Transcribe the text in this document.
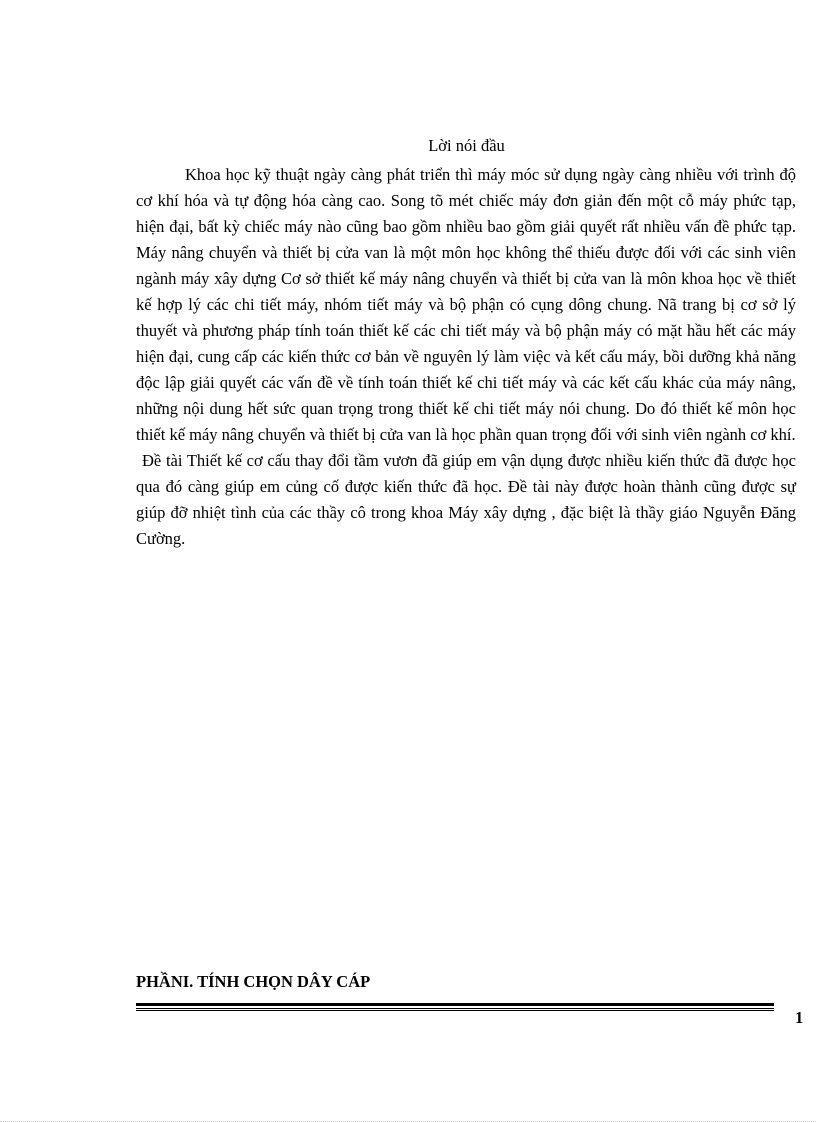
Lời nói đầu

Khoa học kỹ thuật ngày càng phát triển thì máy móc sử dụng ngày càng nhiều với trình độ cơ khí hóa và tự động hóa càng cao. Song tõ mét chiếc máy đơn giản đến một cỗ máy phức tạp, hiện đại, bất kỳ chiếc máy nào cũng bao gồm nhiều bao gồm giải quyết rất nhiều vấn đề phức tạp. Máy nâng chuyển và thiết bị cửa van là một môn học không thể thiếu được đối với các sinh viên ngành máy xây dựng Cơ sở thiết kế máy nâng chuyển và thiết bị cửa van là môn khoa học về thiết kế hợp lý các chi tiết máy, nhóm tiết máy và bộ phận có cụng dông chung. Nã trang bị cơ sở lý thuyết và phương pháp tính toán thiết kế các chi tiết máy và bộ phận máy có mặt hầu hết các máy hiện đại, cung cấp các kiến thức cơ bản về nguyên lý làm việc và kết cấu máy, bồi dưỡng khả năng độc lập giải quyết các vấn đề về tính toán thiết kế chi tiết máy và các kết cấu khác của máy nâng, những nội dung hết sức quan trọng trong thiết kế chi tiết máy nói chung. Do đó thiết kế môn học thiết kế máy nâng chuyển và thiết bị cửa van là học phần quan trọng đối với sinh viên ngành cơ khí.

Đề tài Thiết kế cơ cấu thay đổi tầm vươn đã giúp em vận dụng được nhiều kiến thức đã được học qua đó càng giúp em củng cố được kiến thức đã học. Đề tài này được hoàn thành cũng được sự giúp đỡ nhiệt tình của các thầy cô trong khoa Máy xây dựng , đặc biệt là thầy giáo Nguyễn Đăng Cường.

PHẦNI. TÍNH CHỌN DÂY CÁP
1
